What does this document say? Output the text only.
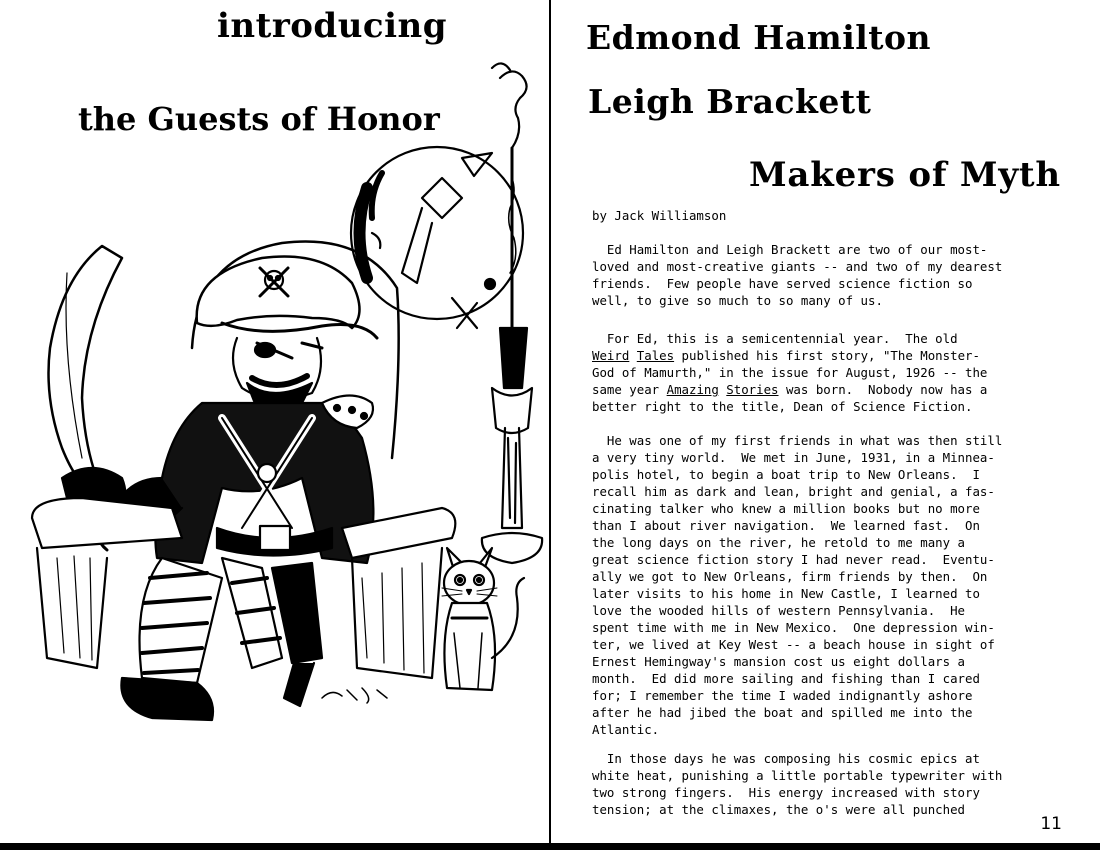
introducing
the Guests of Honor
Edmond Hamilton
Leigh Brackett
Makers of Myth
by Jack Williamson
Ed Hamilton and Leigh Brackett are two of our most-
loved and most-creative giants -- and two of my dearest
friends.  Few people have served science fiction so
well, to give so much to so many of us.
For Ed, this is a semicentennial year.  The old
Weird Tales published his first story, "The Monster-
God of Mamurth," in the issue for August, 1926 -- the
same year Amazing Stories was born.  Nobody now has a
better right to the title, Dean of Science Fiction.
He was one of my first friends in what was then still
a very tiny world.  We met in June, 1931, in a Minnea-
polis hotel, to begin a boat trip to New Orleans.  I
recall him as dark and lean, bright and genial, a fas-
cinating talker who knew a million books but no more
than I about river navigation.  We learned fast.  On
the long days on the river, he retold to me many a
great science fiction story I had never read.  Eventu-
ally we got to New Orleans, firm friends by then.  On
later visits to his home in New Castle, I learned to
love the wooded hills of western Pennsylvania.  He
spent time with me in New Mexico.  One depression win-
ter, we lived at Key West -- a beach house in sight of
Ernest Hemingway's mansion cost us eight dollars a
month.  Ed did more sailing and fishing than I cared
for; I remember the time I waded indignantly ashore
after he had jibed the boat and spilled me into the
Atlantic.
In those days he was composing his cosmic epics at
white heat, punishing a little portable typewriter with
two strong fingers.  His energy increased with story
tension; at the climaxes, the o's were all punched
11
